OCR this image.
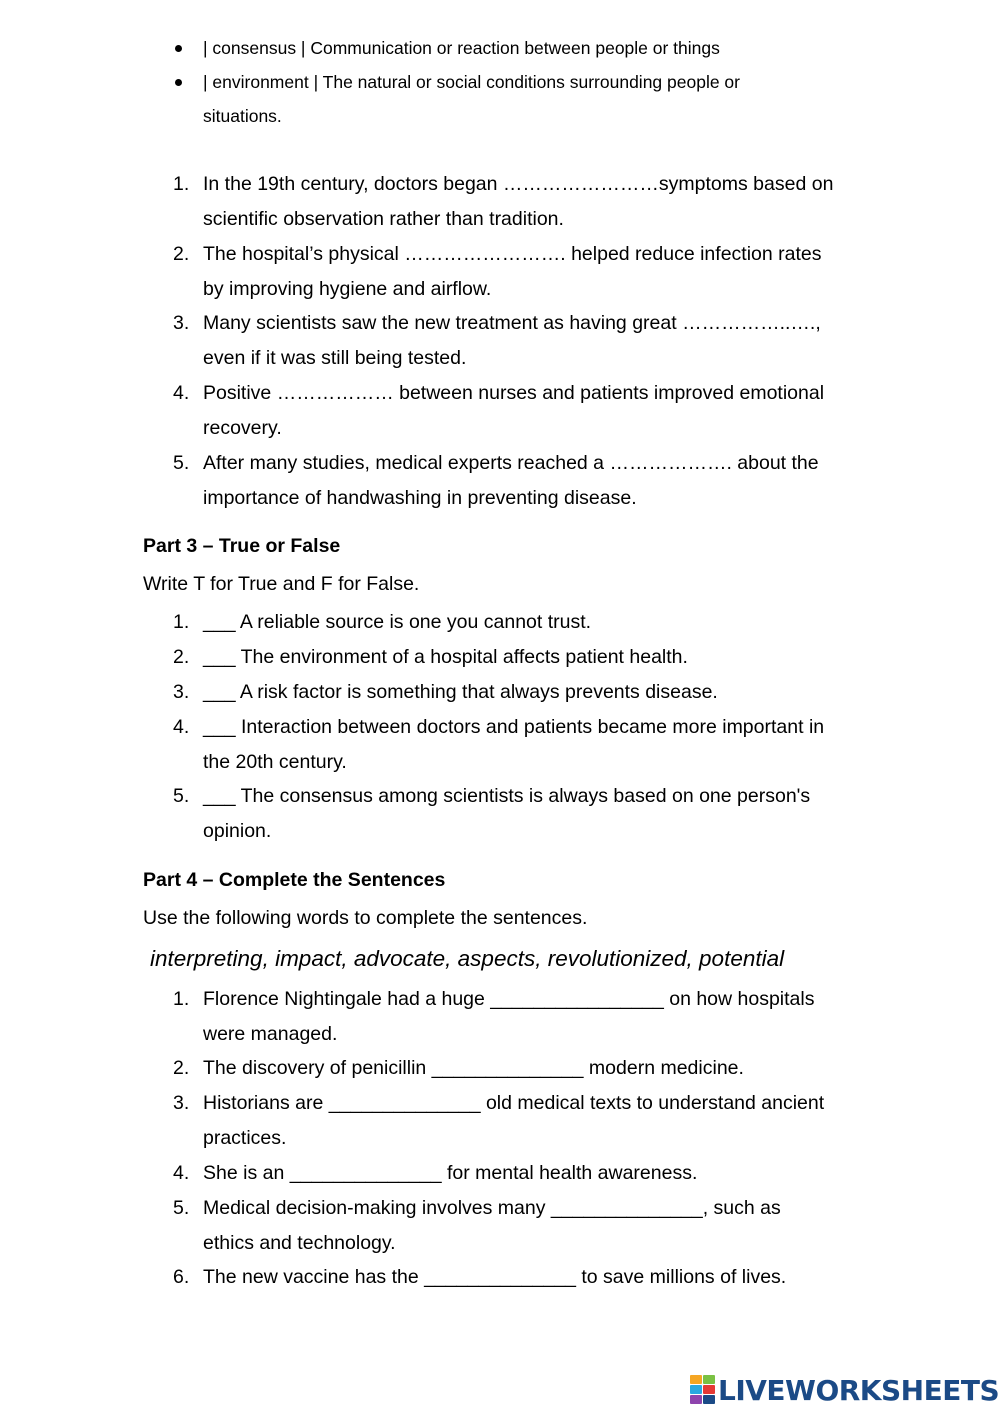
| consensus | Communication or reaction between people or things
| environment | The natural or social conditions surrounding people or
situations.
1. In the 19th century, doctors began ……………………symptoms based on
scientific observation rather than tradition.
2. The hospital’s physical ……………………. helped reduce infection rates
by improving hygiene and airflow.
3. Many scientists saw the new treatment as having great ……………..….,
even if it was still being tested.
4. Positive ……………… between nurses and patients improved emotional
recovery.
5. After many studies, medical experts reached a ………………. about the
importance of handwashing in preventing disease.
Part 3 – True or False
Write T for True and F for False.
1. ___ A reliable source is one you cannot trust.
2. ___ The environment of a hospital affects patient health.
3. ___ A risk factor is something that always prevents disease.
4. ___ Interaction between doctors and patients became more important in
the 20th century.
5. ___ The consensus among scientists is always based on one person's
opinion.
Part 4 – Complete the Sentences
Use the following words to complete the sentences.
interpreting, impact, advocate, aspects, revolutionized, potential
1. Florence Nightingale had a huge ________________ on how hospitals
were managed.
2. The discovery of penicillin ______________ modern medicine.
3. Historians are ______________ old medical texts to understand ancient
practices.
4. She is an ______________ for mental health awareness.
5. Medical decision-making involves many ______________, such as
ethics and technology.
6. The new vaccine has the ______________ to save millions of lives.
LIVEWORKSHEETS
